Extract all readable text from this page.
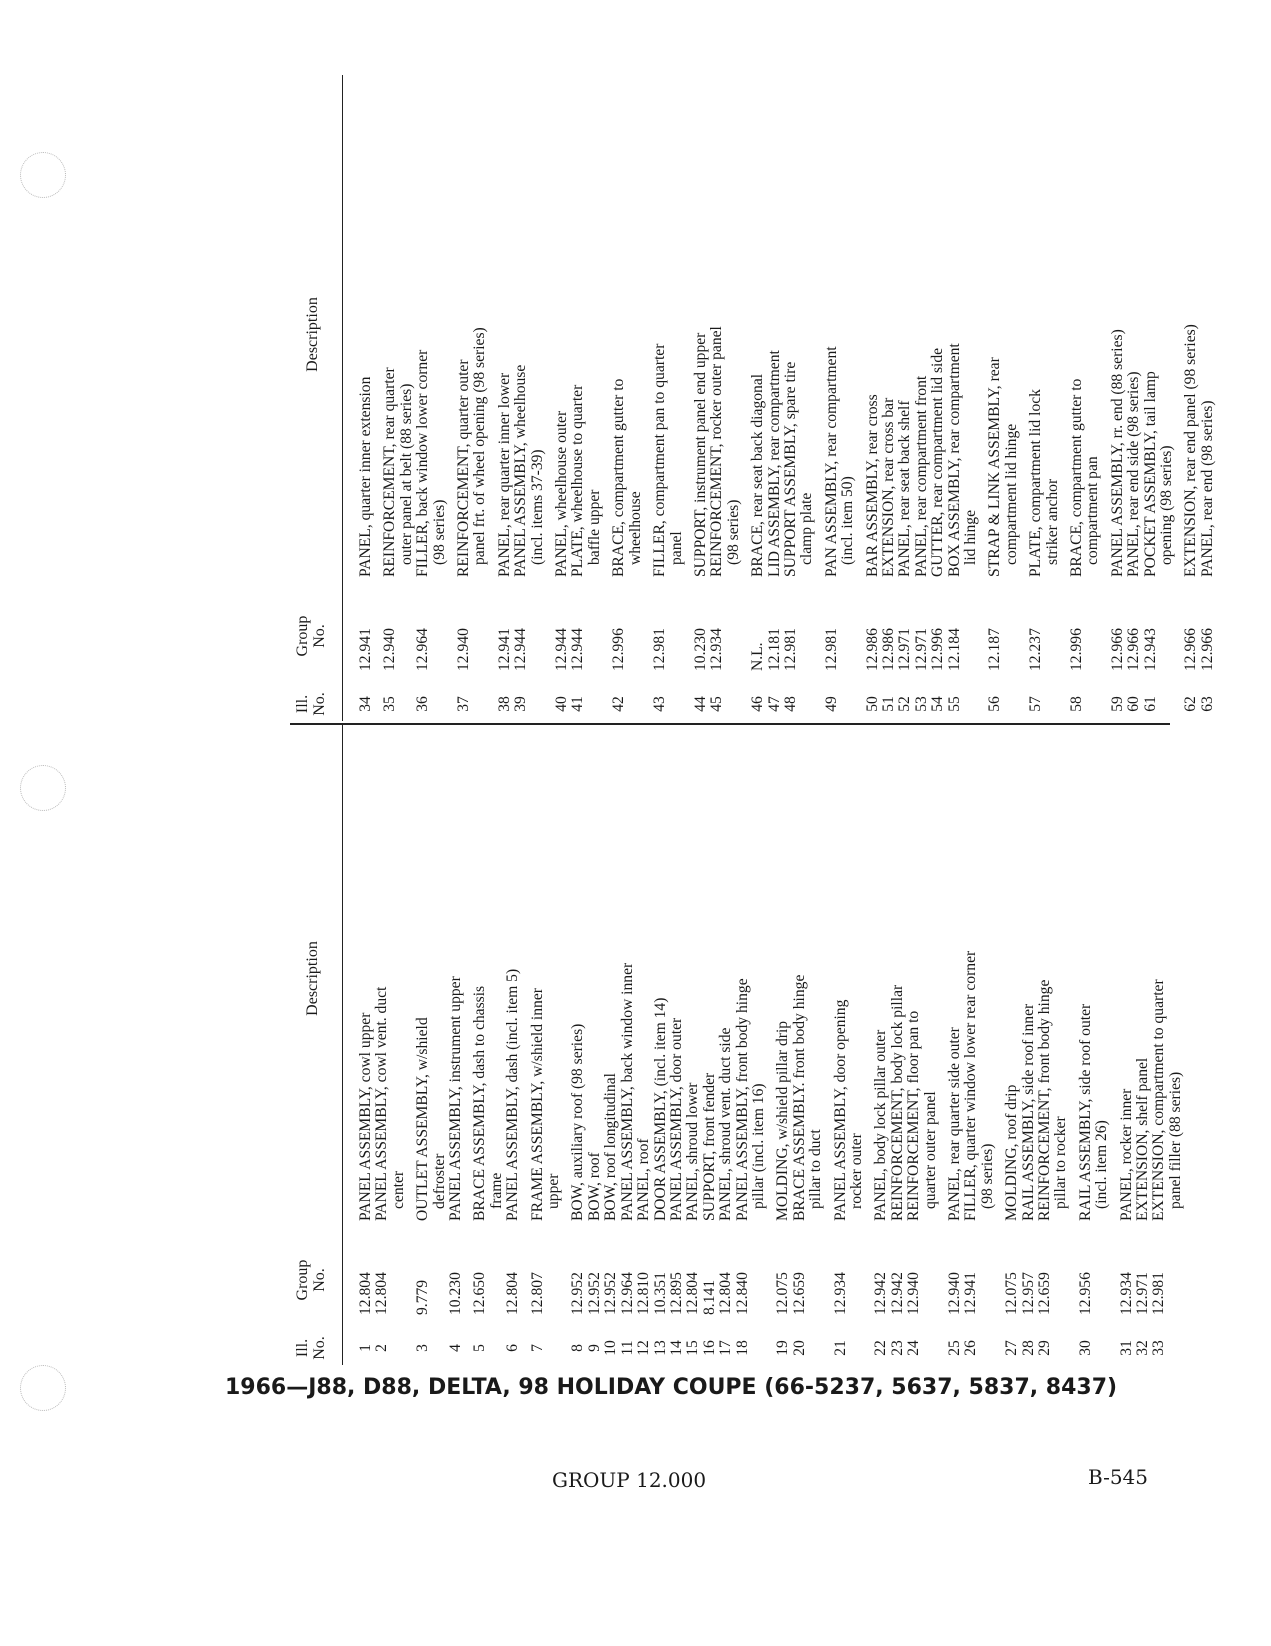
Ill.
No.
Group
No.
Description
1
12.804
PANEL ASSEMBLY, cowl upper
2
12.804
PANEL ASSEMBLY, cowl vent. duct center
3
9.779
OUTLET ASSEMBLY, w/shield defroster
4
10.230
PANEL ASSEMBLY, instrument upper
5
12.650
BRACE ASSEMBLY, dash to chassis frame
6
12.804
PANEL ASSEMBLY, dash (incl. item 5)
7
12.807
FRAME ASSEMBLY, w/shield inner upper
8
12.952
BOW, auxiliary roof (98 series)
9
12.952
BOW, roof
10
12.952
BOW, roof longitudinal
11
12.964
PANEL ASSEMBLY, back window inner
12
12.810
PANEL, roof
13
10.351
DOOR ASSEMBLY, (incl. item 14)
14
12.895
PANEL ASSEMBLY, door outer
15
12.804
PANEL, shroud lower
16
8.141
SUPPORT, front fender
17
12.804
PANEL, shroud vent. duct side
18
12.840
PANEL ASSEMBLY, front body hinge pillar (incl. item 16)
19
12.075
MOLDING, w/shield pillar drip
20
12.659
BRACE ASSEMBLY. front body hinge pillar to duct
21
12.934
PANEL ASSEMBLY, door opening rocker outer
22
12.942
PANEL, body lock pillar outer
23
12.942
REINFORCEMENT, body lock pillar
24
12.940
REINFORCEMENT, floor pan to quarter outer panel
25
12.940
PANEL, rear quarter side outer
26
12.941
FILLER, quarter window lower rear corner (98 series)
27
12.075
MOLDING, roof drip
28
12.957
RAIL ASSEMBLY, side roof inner
29
12.659
REINFORCEMENT, front body hinge pillar to rocker
30
12.956
RAIL ASSEMBLY, side roof outer (incl. item 26)
31
12.934
PANEL, rocker inner
32
12.971
EXTENSION, shelf panel
33
12.981
EXTENSION, compartment to quarter panel filler (88 series)
Ill.
No.
Group
No.
Description
34
12.941
PANEL, quarter inner extension
35
12.940
REINFORCEMENT, rear quarter outer panel at belt (88 series)
36
12.964
FILLER, back window lower corner (98 series)
37
12.940
REINFORCEMENT, quarter outer panel frt. of wheel opening (98 series)
38
12.941
PANEL, rear quarter inner lower
39
12.944
PANEL ASSEMBLY, wheelhouse (incl. items 37-39)
40
12.944
PANEL, wheelhouse outer
41
12.944
PLATE, wheelhouse to quarter baffle upper
42
12.996
BRACE, compartment gutter to wheelhouse
43
12.981
FILLER, compartment pan to quarter panel
44
10.230
SUPPORT, instrument panel end upper
45
12.934
REINFORCEMENT, rocker outer panel (98 series)
46
N.L.
BRACE, rear seat back diagonal
47
12.181
LID ASSEMBLY, rear compartment
48
12.981
SUPPORT ASSEMBLY, spare tire clamp plate
49
12.981
PAN ASSEMBLY, rear compartment (incl. item 50)
50
12.986
BAR ASSEMBLY, rear cross
51
12.986
EXTENSION, rear cross bar
52
12.971
PANEL, rear seat back shelf
53
12.971
PANEL, rear compartment front
54
12.996
GUTTER, rear compartment lid side
55
12.184
BOX ASSEMBLY, rear compartment lid hinge
56
12.187
STRAP & LINK ASSEMBLY, rear compartment lid hinge
57
12.237
PLATE, compartment lid lock striker anchor
58
12.996
BRACE, compartment gutter to compartment pan
59
12.966
PANEL ASSEMBLY, rr. end (88 series)
60
12.966
PANEL, rear end side (98 series)
61
12.943
POCKET ASSEMBLY, tail lamp opening (98 series)
62
12.966
EXTENSION, rear end panel (98 series)
63
12.966
PANEL, rear end (98 series)
1966—J88, D88, DELTA, 98 HOLIDAY COUPE (66-5237, 5637, 5837, 8437)
GROUP 12.000	B-545
